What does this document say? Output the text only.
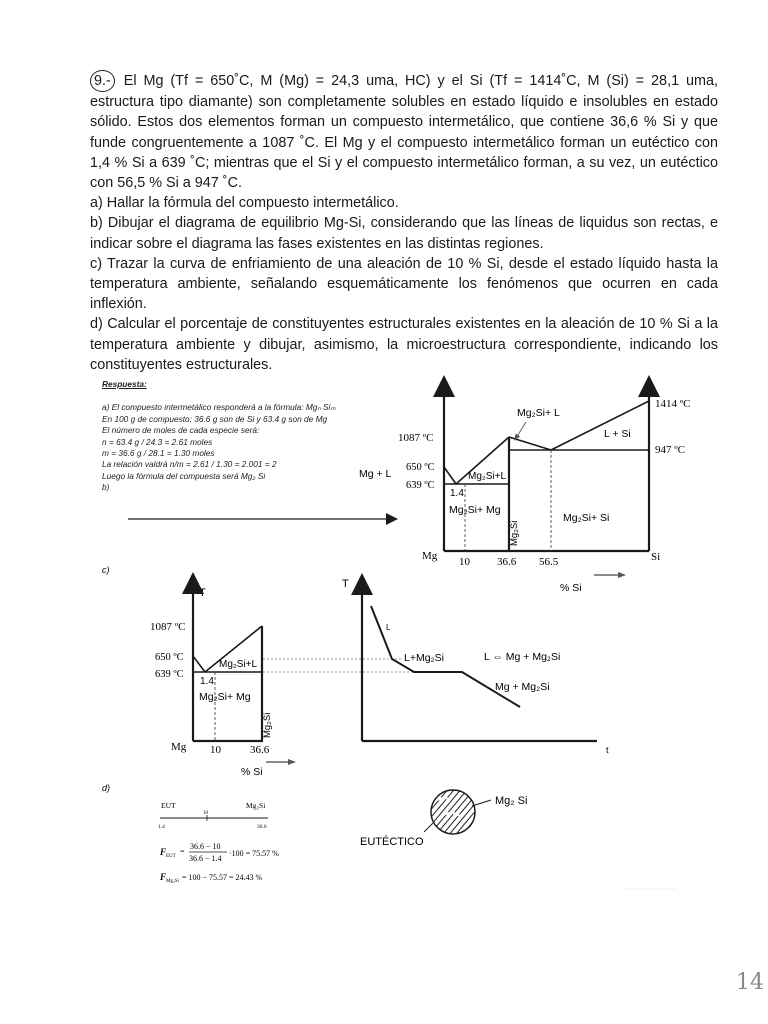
9.- El Mg (Tf = 650˚C, M (Mg) = 24,3 uma, HC) y el Si (Tf = 1414˚C, M (Si) = 28,1 uma, estructura tipo diamante) son completamente solubles en estado líquido e insolubles en estado sólido. Estos dos elementos forman un compuesto intermetálico, que contiene 36,6 % Si y que funde congruentemente a 1087 ˚C. El Mg y el compuesto intermetálico forman un eutéctico con 1,4 % Si a 639 ˚C; mientras que el Si y el compuesto intermetálico forman, a su vez, un eutéctico con 56,5 % Si a 947 ˚C.

a) Hallar la fórmula del compuesto intermetálico.

b) Dibujar el diagrama de equilibrio Mg-Si, considerando que las líneas de liquidus son rectas, e indicar sobre el diagrama las fases existentes en las distintas regiones.

c) Trazar la curva de enfriamiento de una aleación de 10 % Si, desde el estado líquido hasta la temperatura ambiente, señalando esquemáticamente los fenómenos que ocurren en cada inflexión.

d) Calcular el porcentaje de constituyentes estructurales existentes en la aleación de 10 % Si a la temperatura ambiente y dibujar, asimismo, la microestructura correspondiente, indicando los constituyentes estructurales.

Respuesta:
a) El compuesto intermetálico responderá a la fórmula: Mgₙ Siₘ
En 100 g de compuesto: 36.6 g son de Si y 63.4 g son de Mg
El número de moles de cada especie será:
n = 63.4 g / 24.3 = 2.61 moles
m = 36.6 g / 28.1 = 1.30 moles
La relación valdrá n/m = 2.61 / 1.30 = 2.001 = 2
Luego la fórmula del compuesta será Mg₂ Si
b)
1087 ºC
650 ºC
639 ºC
1414 ºC
947 ºC
Mg + L
Mg₂Si+ L
L + Si
Mg₂Si+L
1.4
Mg₂Si+ Mg
Mg₂Si+ Si
Mg₂Si
Mg	Si
10 36.6 56.5
% Si
c)
T
1087 ºC
650 ºC
639 ºC
Mg₂Si+L
1.4
Mg₂Si+ Mg
Mg₂Si
Mg 10	36.6
% Si
T
L
L+Mg₂Si	L ⇔ Mg + Mg₂Si
Mg + Mg₂Si
t
d)
EUT	Mg₂Si
1.4
10
36.6
F EUT
=
36.6 − 10
36.6 − 1.4
·100 = 75.57 %
F Mg₂Si = 100 − 75.57 = 24.43 %
Mg₂ Si
EUTÉCTICO
14
